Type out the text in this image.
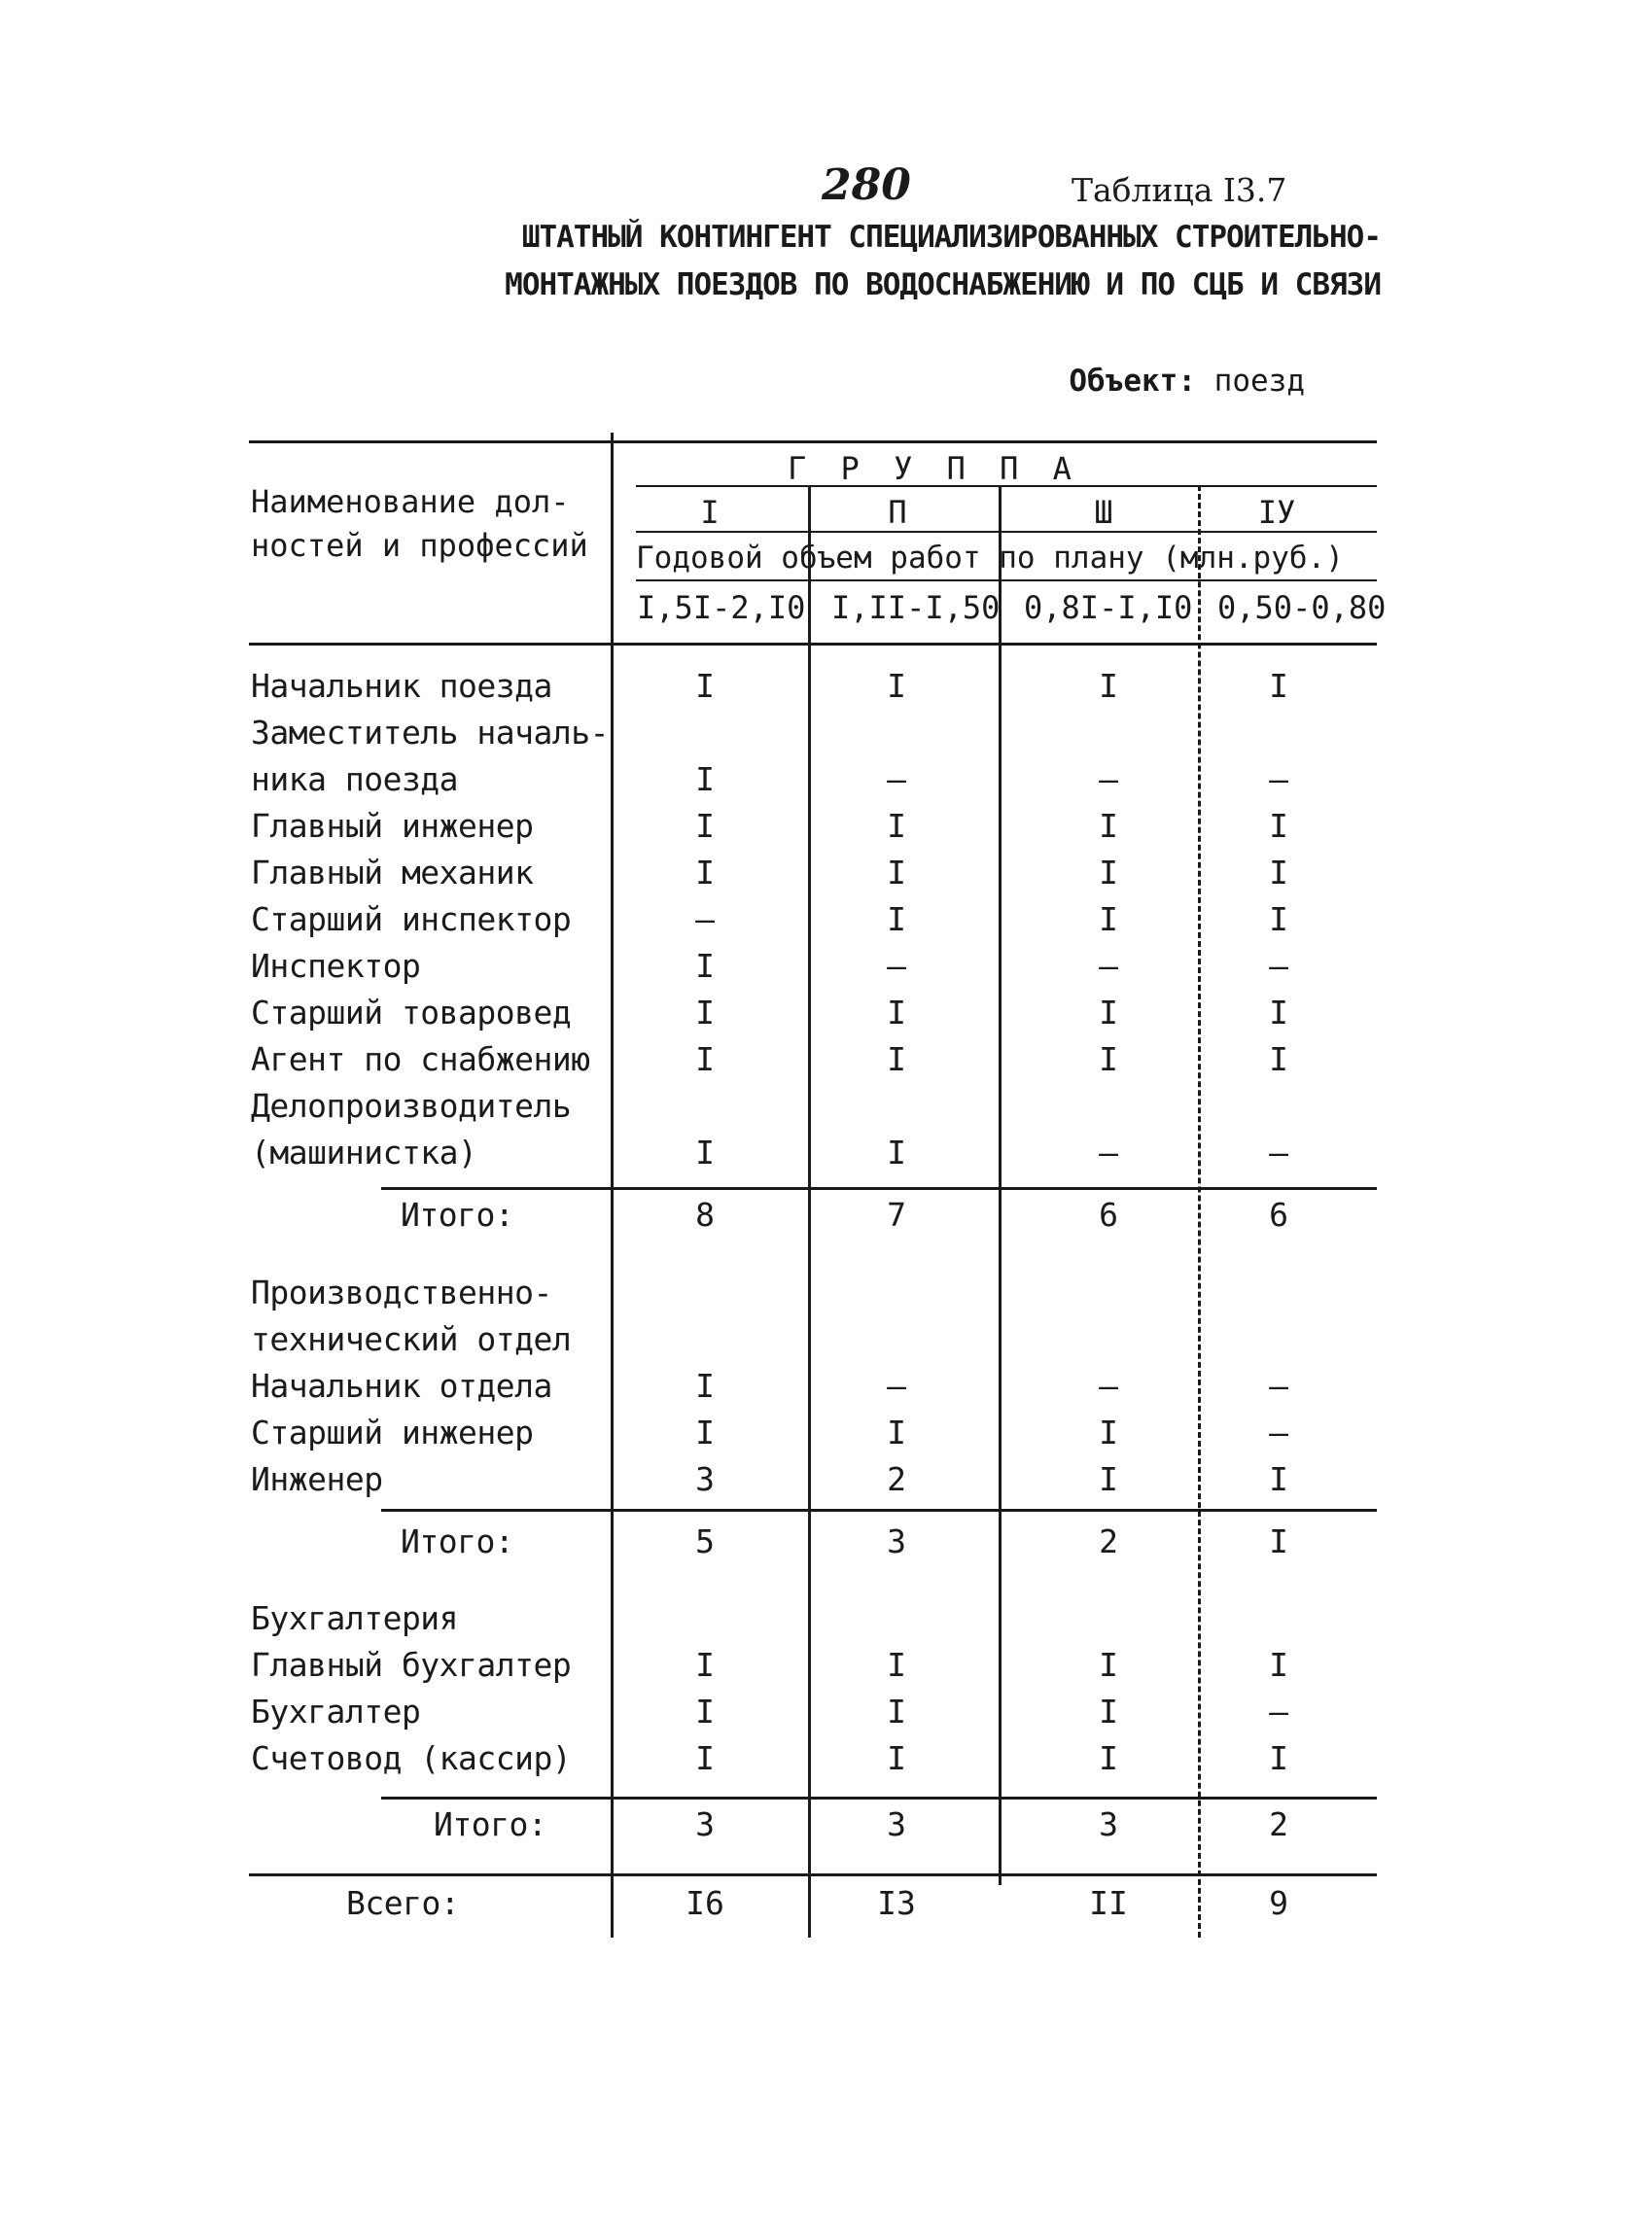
280	Таблица I3.7
ШТАТНЫЙ КОНТИНГЕНТ СПЕЦИАЛИЗИРОВАННЫХ СТРОИТЕЛЬНО-
МОНТАЖНЫХ ПОЕЗДОВ ПО ВОДОСНАБЖЕНИЮ И ПО СЦБ И СВЯЗИ
Объект: поезд
Наименование дол-
ностей и профессий
Г Р У П П А
I	П	Ш	IУ
Годовой объем работ по плану (млн.руб.)
I,5I-2,I0 I,II-I,50 0,8I-I,I0 0,50-0,80
Начальник поезда	I	I	I	I
Заместитель началь-
ника поезда	I	–	–	–
Главный инженер	I	I	I	I
Главный механик	I	I	I	I
Старший инспектор	–	I	I	I
Инспектор	I	–	–	–
Старший товаровед	I	I	I	I
Агент по снабжению	I	I	I	I
Делопроизводитель
(машинистка)	I	I	–	–
Итого:	8	7	6	6
Производственно-
технический отдел
Начальник отдела	I	–	–	–
Старший инженер	I	I	I	–
Инженер	3	2	I	I
Итого:	5	3	2	I
Бухгалтерия
Главный бухгалтер	I	I	I	I
Бухгалтер	I	I	I	–
Счетовод (кассир)	I	I	I	I
Итого:	3	3	3	2
Всего:	I6	I3	II	9
